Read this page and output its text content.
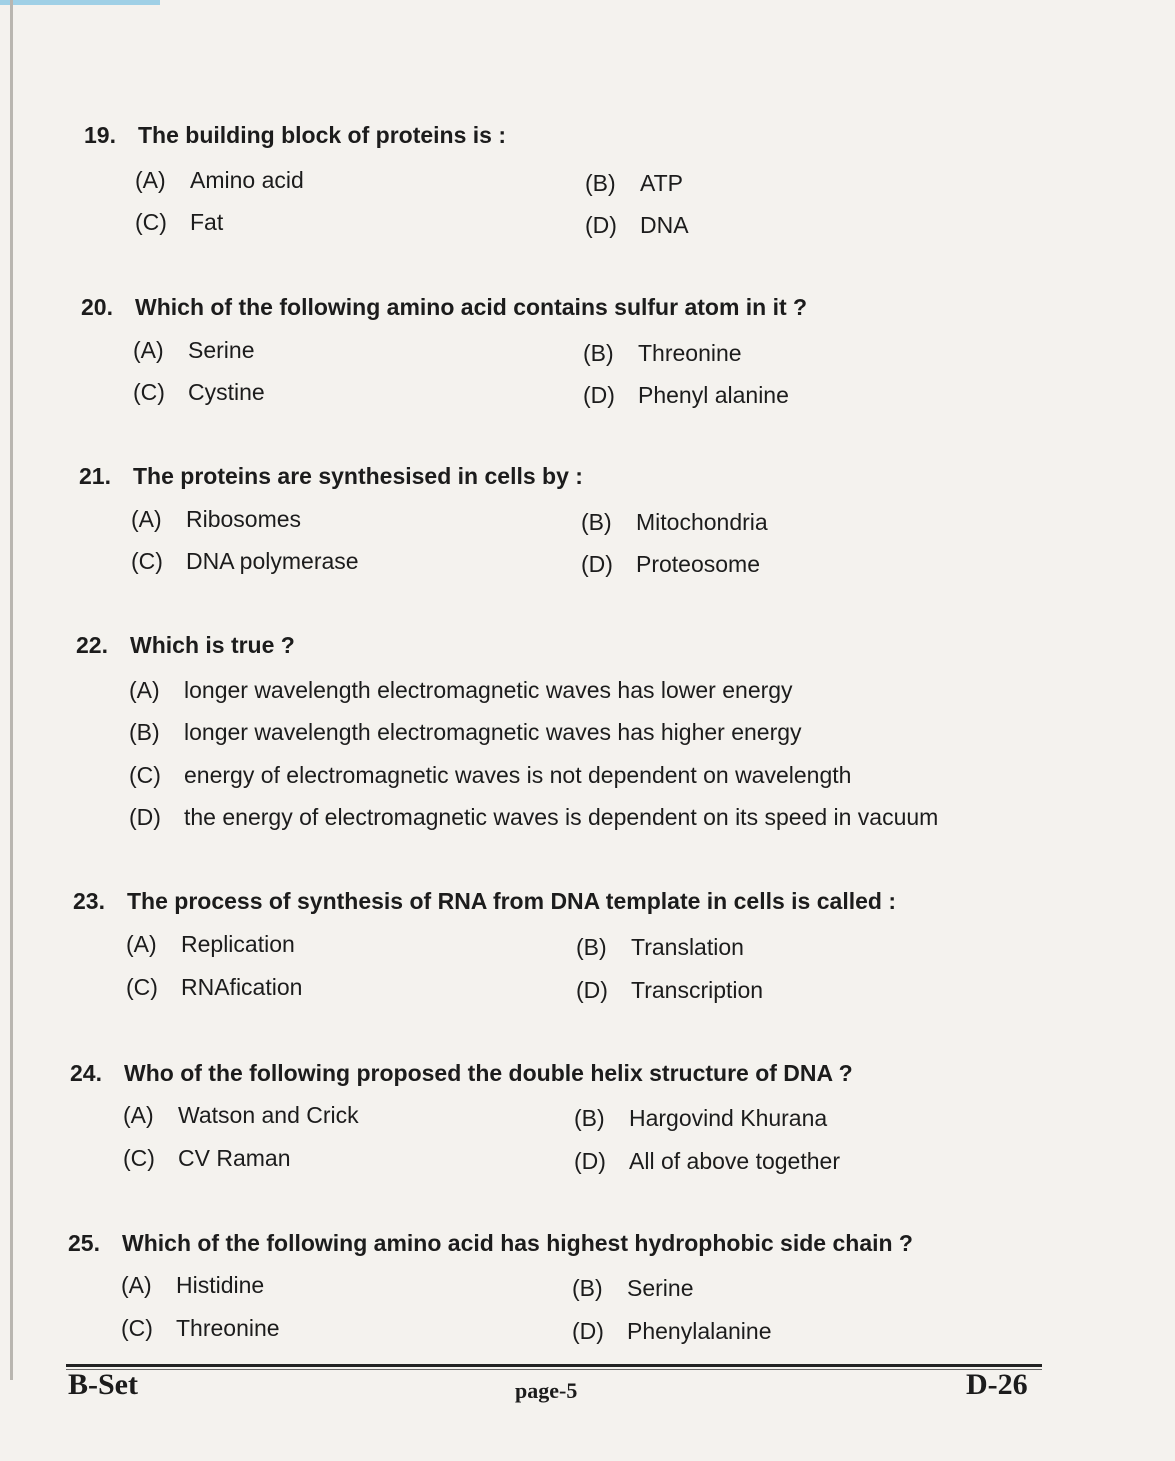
19. The building block of proteins is :
(A) Amino acid	(B) ATP
(C) Fat	(D) DNA
20. Which of the following amino acid contains sulfur atom in it ?
(A) Serine	(B) Threonine
(C) Cystine	(D) Phenyl alanine
21. The proteins are synthesised in cells by :
(A) Ribosomes	(B) Mitochondria
(C) DNA polymerase	(D) Proteosome
22. Which is true ?
(A) longer wavelength electromagnetic waves has lower energy
(B) longer wavelength electromagnetic waves has higher energy
(C) energy of electromagnetic waves is not dependent on wavelength
(D) the energy of electromagnetic waves is dependent on its speed in vacuum
23. The process of synthesis of RNA from DNA template in cells is called :
(A) Replication	(B) Translation
(C) RNAfication	(D) Transcription
24. Who of the following proposed the double helix structure of DNA ?
(A) Watson and Crick	(B) Hargovind Khurana
(C) CV Raman	(D) All of above together
25. Which of the following amino acid has highest hydrophobic side chain ?
(A) Histidine	(B) Serine
(C) Threonine	(D) Phenylalanine
B-Set	page-5	D-26
